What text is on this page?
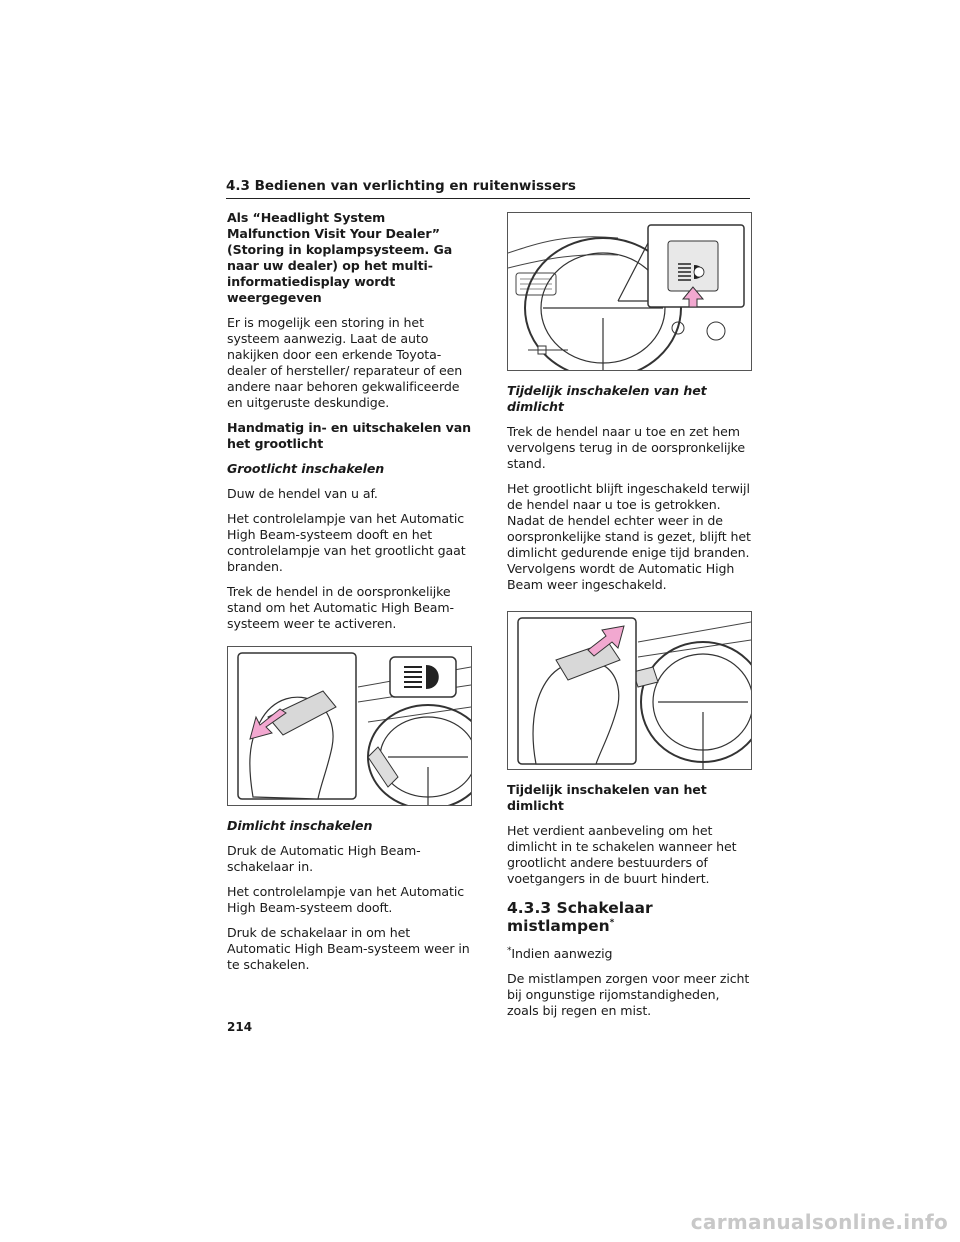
4.3 Bedienen van verlichting en ruitenwissers

Als “Headlight System Malfunction Visit Your Dealer” (Storing in koplampsysteem. Ga naar uw dealer) op het multi-informatiedisplay wordt weergegeven

Er is mogelijk een storing in het systeem aanwezig. Laat de auto nakijken door een erkende Toyota-dealer of hersteller/ reparateur of een andere naar behoren gekwalificeerde en uitgeruste deskundige.

Handmatig in- en uitschakelen van het grootlicht

Grootlicht inschakelen

Duw de hendel van u af.

Het controlelampje van het Automatic High Beam-systeem dooft en het controlelampje van het grootlicht gaat branden.

Trek de hendel in de oorspronkelijke stand om het Automatic High Beam-systeem weer te activeren.

Dimlicht inschakelen

Druk de Automatic High Beam-schakelaar in.

Het controlelampje van het Automatic High Beam-systeem dooft.

Druk de schakelaar in om het Automatic High Beam-systeem weer in te schakelen.

Tijdelijk inschakelen van het dimlicht

Trek de hendel naar u toe en zet hem vervolgens terug in de oorspronkelijke stand.

Het grootlicht blijft ingeschakeld terwijl de hendel naar u toe is getrokken. Nadat de hendel echter weer in de oorspronkelijke stand is gezet, blijft het dimlicht gedurende enige tijd branden. Vervolgens wordt de Automatic High Beam weer ingeschakeld.

Tijdelijk inschakelen van het dimlicht

Het verdient aanbeveling om het dimlicht in te schakelen wanneer het grootlicht andere bestuurders of voetgangers in de buurt hindert.

4.3.3 Schakelaar mistlampen*

*Indien aanwezig

De mistlampen zorgen voor meer zicht bij ongunstige rijomstandigheden, zoals bij regen en mist.

214
carmanualsonline.info
